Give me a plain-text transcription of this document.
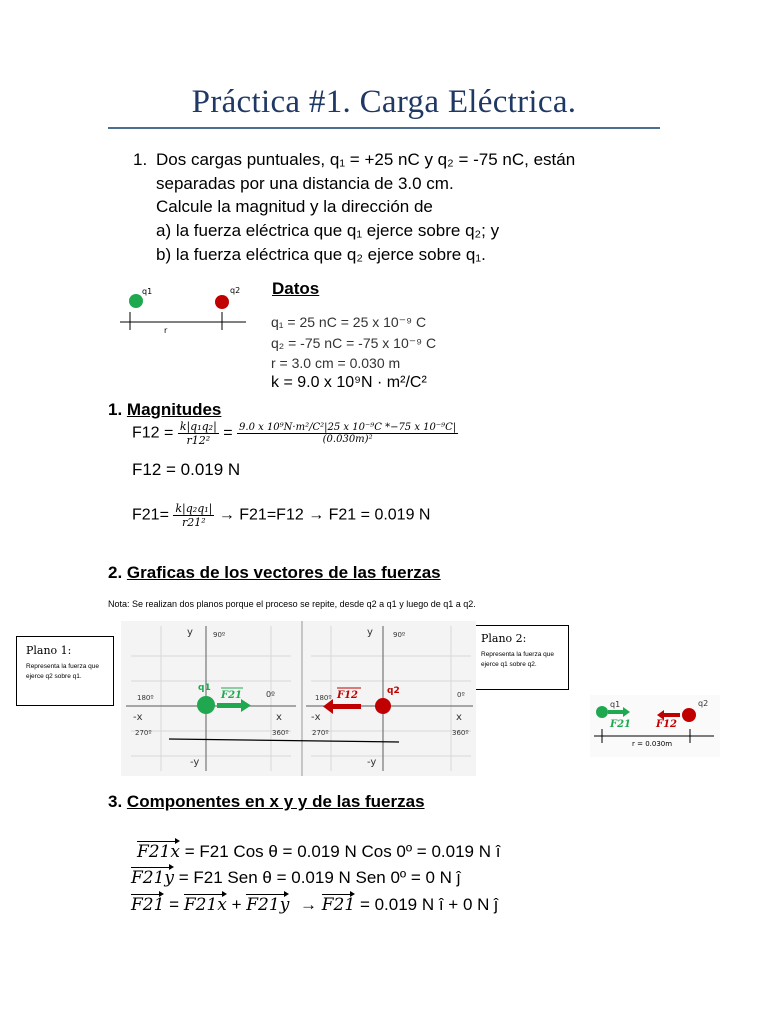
Práctica #1. Carga Eléctrica.
1. Dos cargas puntuales, q₁ = +25 nC y q₂ = -75 nC, están
separadas por una distancia de 3.0 cm.
Calcule la magnitud y la dirección de
a) la fuerza eléctrica que q₁ ejerce sobre q₂; y
b) la fuerza eléctrica que q₂ ejerce sobre q₁.
q1	q2
r
Datos
q₁ = 25 nC = 25 x 10⁻⁹ C
q₂ = -75 nC = -75 x 10⁻⁹ C
r = 3.0 cm = 0.030 m
k = 9.0 x 10⁹N · m²/C²
1. Magnitudes
$F12 = \frac{\text{k|q₁q₂|}}{\text{r12²}} = \frac{\text{9.0 x 10⁹N·m²/C²|25 x 10⁻⁹C *−75 x 10⁻⁹C|}}{\text{(0.030m)²}}$
F12 = 0.019 N
$F21= \frac{\text{k|q₂q₁|}}{\text{r21²}} \to F21=F12 \to F21 = 0.019$ N
2. Graficas de los vectores de las fuerzas
Nota: Se realizan dos planos porque el proceso se repite, desde q2 a q1 y luego de q1 a q2.
Plano 1:
Representa la fuerza que ejerce q2 sobre q1.
Plano 2:
Representa la fuerza que ejerce q1 sobre q2.
y	90º
180º
-x
270º
x
360º
-y
0º
y	90º
180º
-x
270º
0º
x
360º
-y
q1
F21	q2
F12
q1	q2
F21 F12
r = 0.030m
3. Componentes en x y y de las fuerzas
F21x = F21 Cos θ = 0.019 N Cos 0º = 0.019 N î
F21y = F21 Sen θ = 0.019 N Sen 0º = 0 N ĵ
F21 = F21x + F21y → F21 = 0.019 N î + 0 N ĵ
